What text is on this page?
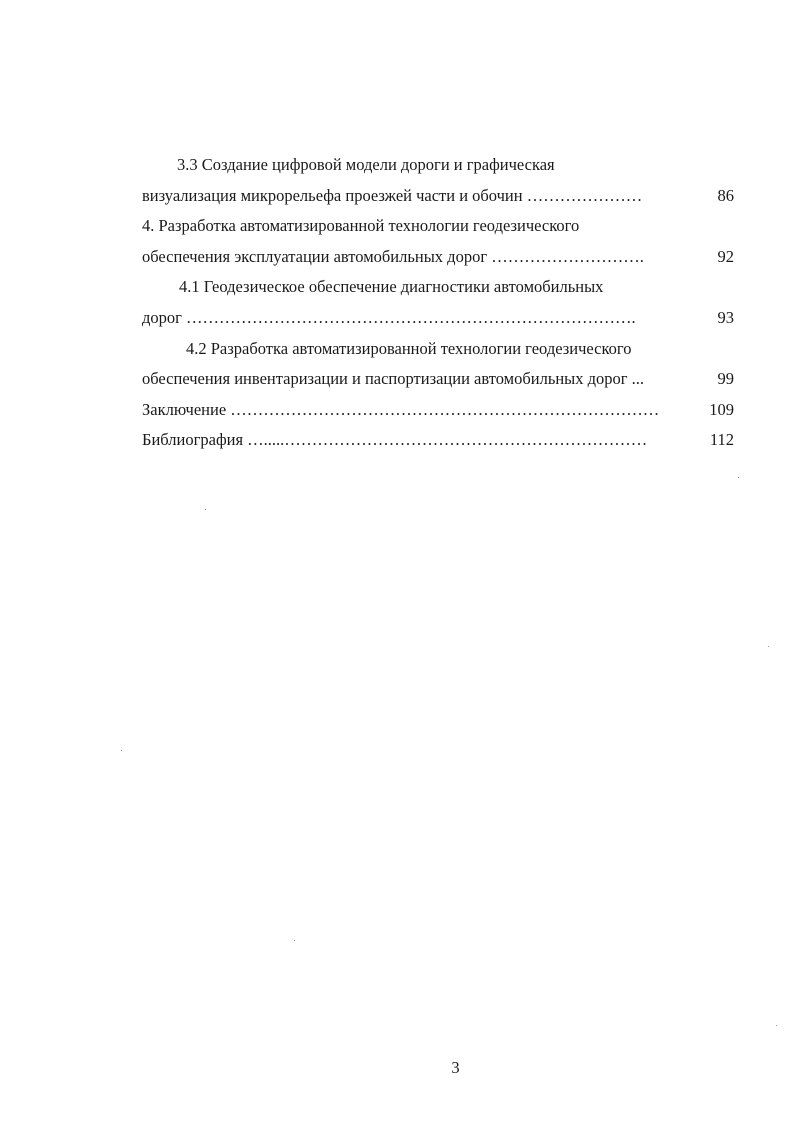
3.3 Создание цифровой модели дороги и графическая
визуализация микрорельефа проезжей части и обочин …………………	86
4. Разработка автоматизированной технологии геодезического
обеспечения эксплуатации автомобильных дорог ……………………….	92
4.1 Геодезическое обеспечение диагностики автомобильных
дорог ……………………………………………………………………….	93
4.2 Разработка автоматизированной технологии геодезического
обеспечения инвентаризации и паспортизации автомобильных дорог ...	99
Заключение ……………………………………………………………………	109
Библиография ….....…………………………………………………………	112
3
